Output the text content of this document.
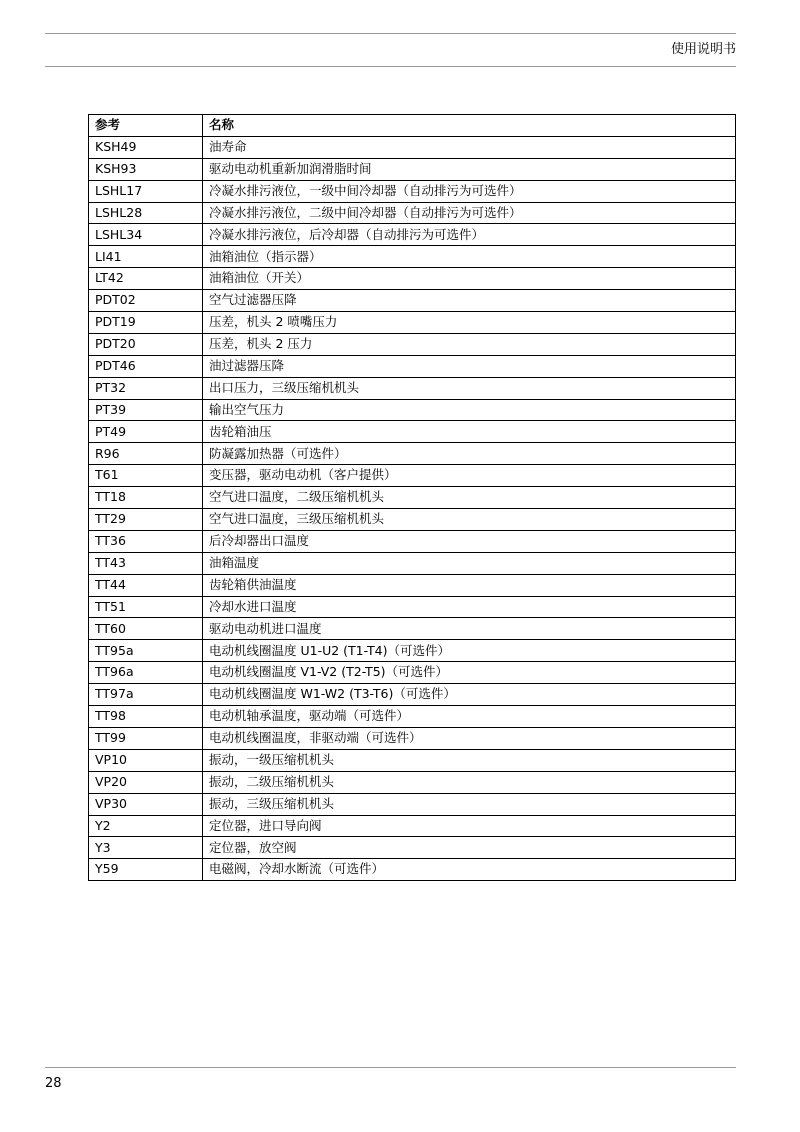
使用说明书
参考	名称
KSH49	油寿命
KSH93	驱动电动机重新加润滑脂时间
LSHL17	冷凝水排污液位，一级中间冷却器（自动排污为可选件）
LSHL28	冷凝水排污液位，二级中间冷却器（自动排污为可选件）
LSHL34	冷凝水排污液位，后冷却器（自动排污为可选件）
LI41	油箱油位（指示器）
LT42	油箱油位（开关）
PDT02	空气过滤器压降
PDT19	压差，机头 2 喷嘴压力
PDT20	压差，机头 2 压力
PDT46	油过滤器压降
PT32	出口压力，三级压缩机机头
PT39	输出空气压力
PT49	齿轮箱油压
R96	防凝露加热器（可选件）
T61	变压器，驱动电动机（客户提供）
TT18	空气进口温度，二级压缩机机头
TT29	空气进口温度，三级压缩机机头
TT36	后冷却器出口温度
TT43	油箱温度
TT44	齿轮箱供油温度
TT51	冷却水进口温度
TT60	驱动电动机进口温度
TT95a	电动机线圈温度 U1-U2 (T1-T4)（可选件）
TT96a	电动机线圈温度 V1-V2 (T2-T5)（可选件）
TT97a	电动机线圈温度 W1-W2 (T3-T6)（可选件）
TT98	电动机轴承温度，驱动端（可选件）
TT99	电动机线圈温度，非驱动端（可选件）
VP10	振动，一级压缩机机头
VP20	振动，二级压缩机机头
VP30	振动，三级压缩机机头
Y2	定位器，进口导向阀
Y3	定位器，放空阀
Y59	电磁阀，冷却水断流（可选件）
28
